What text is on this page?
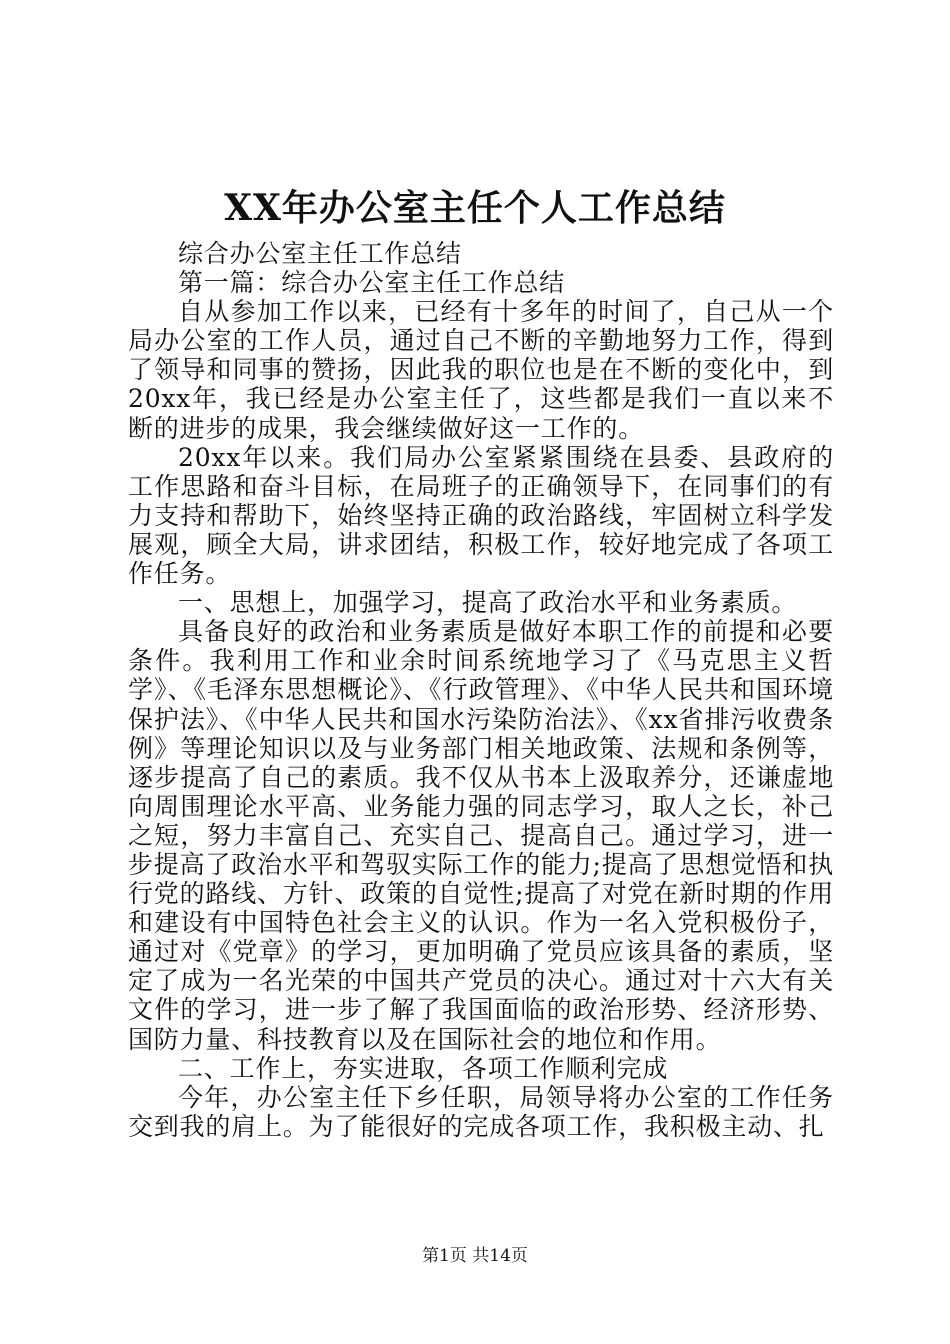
XX年办公室主任个人工作总结

综合办公室主任工作总结

第一篇：综合办公室主任工作总结

自从参加工作以来，已经有十多年的时间了，自己从一个局办公室的工作人员，通过自己不断的辛勤地努力工作，得到了领导和同事的赞扬，因此我的职位也是在不断的变化中，到20xx年，我已经是办公室主任了，这些都是我们一直以来不断的进步的成果，我会继续做好这一工作的。

20xx年以来。我们局办公室紧紧围绕在县委、县政府的工作思路和奋斗目标，在局班子的正确领导下，在同事们的有力支持和帮助下，始终坚持正确的政治路线，牢固树立科学发展观，顾全大局，讲求团结，积极工作，较好地完成了各项工作任务。

一、思想上，加强学习，提高了政治水平和业务素质。

具备良好的政治和业务素质是做好本职工作的前提和必要条件。我利用工作和业余时间系统地学习了《马克思主义哲学》、《毛泽东思想概论》、《行政管理》、《中华人民共和国环境保护法》、《中华人民共和国水污染防治法》、《xx省排污收费条例》等理论知识以及与业务部门相关地政策、法规和条例等，逐步提高了自己的素质。我不仅从书本上汲取养分，还谦虚地向周围理论水平高、业务能力强的同志学习，取人之长，补己之短，努力丰富自己、充实自己、提高自己。通过学习，进一步提高了政治水平和驾驭实际工作的能力;提高了思想觉悟和执行党的路线、方针、政策的自觉性;提高了对党在新时期的作用和建设有中国特色社会主义的认识。作为一名入党积极份子，通过对《党章》的学习，更加明确了党员应该具备的素质，坚定了成为一名光荣的中国共产党员的决心。通过对十六大有关文件的学习，进一步了解了我国面临的政治形势、经济形势、国防力量、科技教育以及在国际社会的地位和作用。

二、工作上，夯实进取，各项工作顺利完成

今年，办公室主任下乡任职，局领导将办公室的工作任务交到我的肩上。为了能很好的完成各项工作，我积极主动、扎

第1页 共14页
